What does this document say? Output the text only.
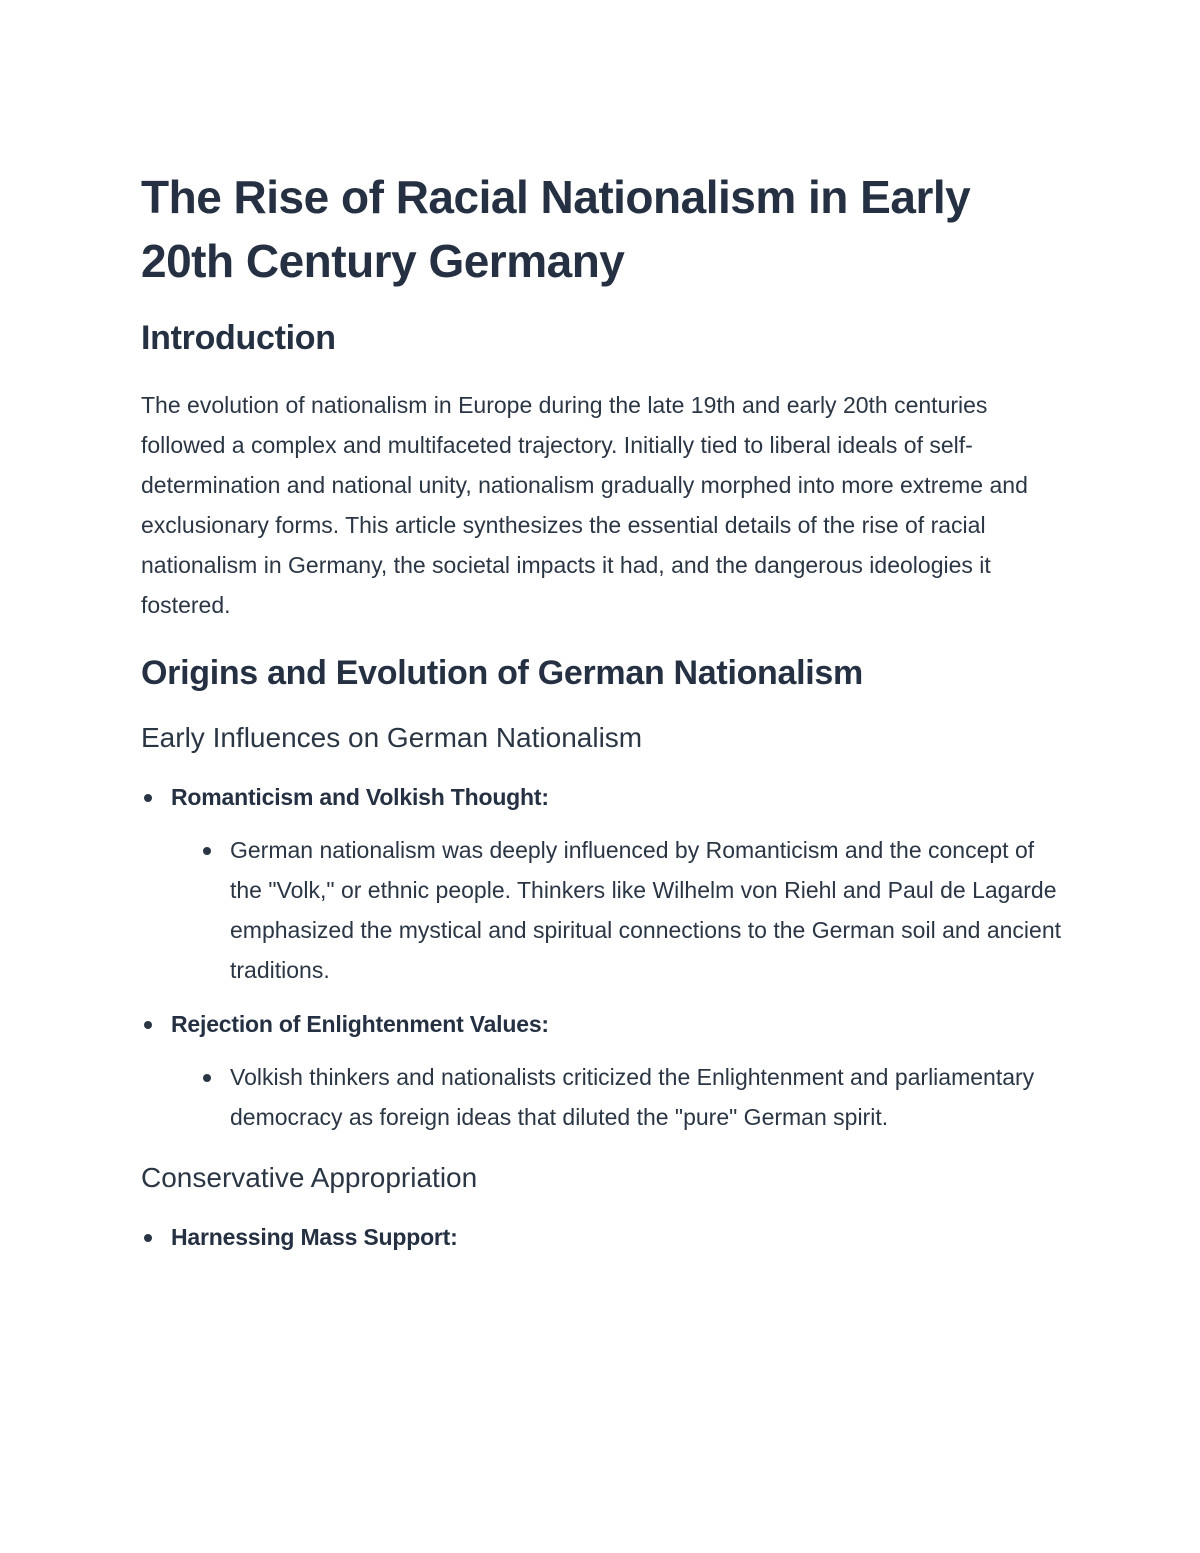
The Rise of Racial Nationalism in Early 20th Century Germany
Introduction

The evolution of nationalism in Europe during the late 19th and early 20th centuries followed a complex and multifaceted trajectory. Initially tied to liberal ideals of self-determination and national unity, nationalism gradually morphed into more extreme and exclusionary forms. This article synthesizes the essential details of the rise of racial nationalism in Germany, the societal impacts it had, and the dangerous ideologies it fostered.

Origins and Evolution of German Nationalism
Early Influences on German Nationalism
Romanticism and Volkish Thought:
German nationalism was deeply influenced by Romanticism and the concept of the "Volk," or ethnic people. Thinkers like Wilhelm von Riehl and Paul de Lagarde emphasized the mystical and spiritual connections to the German soil and ancient traditions.
Rejection of Enlightenment Values:
Volkish thinkers and nationalists criticized the Enlightenment and parliamentary democracy as foreign ideas that diluted the "pure" German spirit.
Conservative Appropriation
Harnessing Mass Support:
